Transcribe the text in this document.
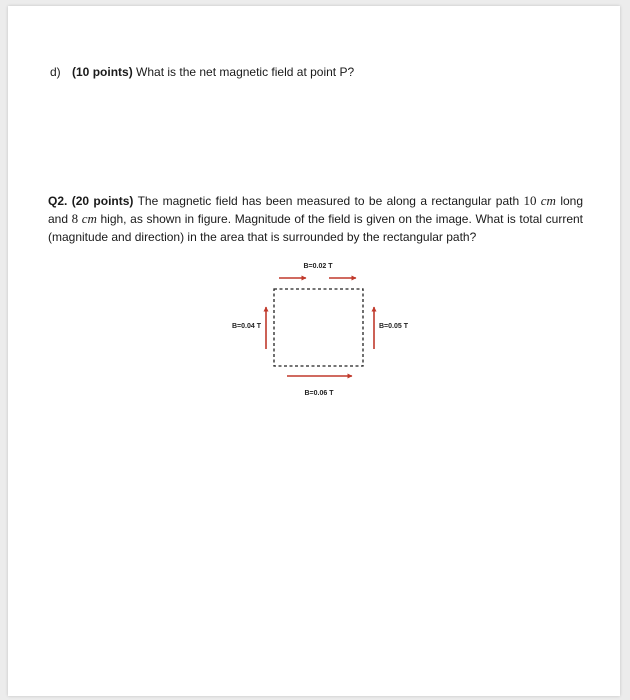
d) (10 points) What is the net magnetic field at point P?
Q2. (20 points) The magnetic field has been measured to be along a rectangular path 10 cm long and 8 cm high, as shown in figure. Magnitude of the field is given on the image. What is total current (magnitude and direction) in the area that is surrounded by the rectangular path?
B=0.02 T
B=0.04 T	B=0.05 T
B=0.06 T
